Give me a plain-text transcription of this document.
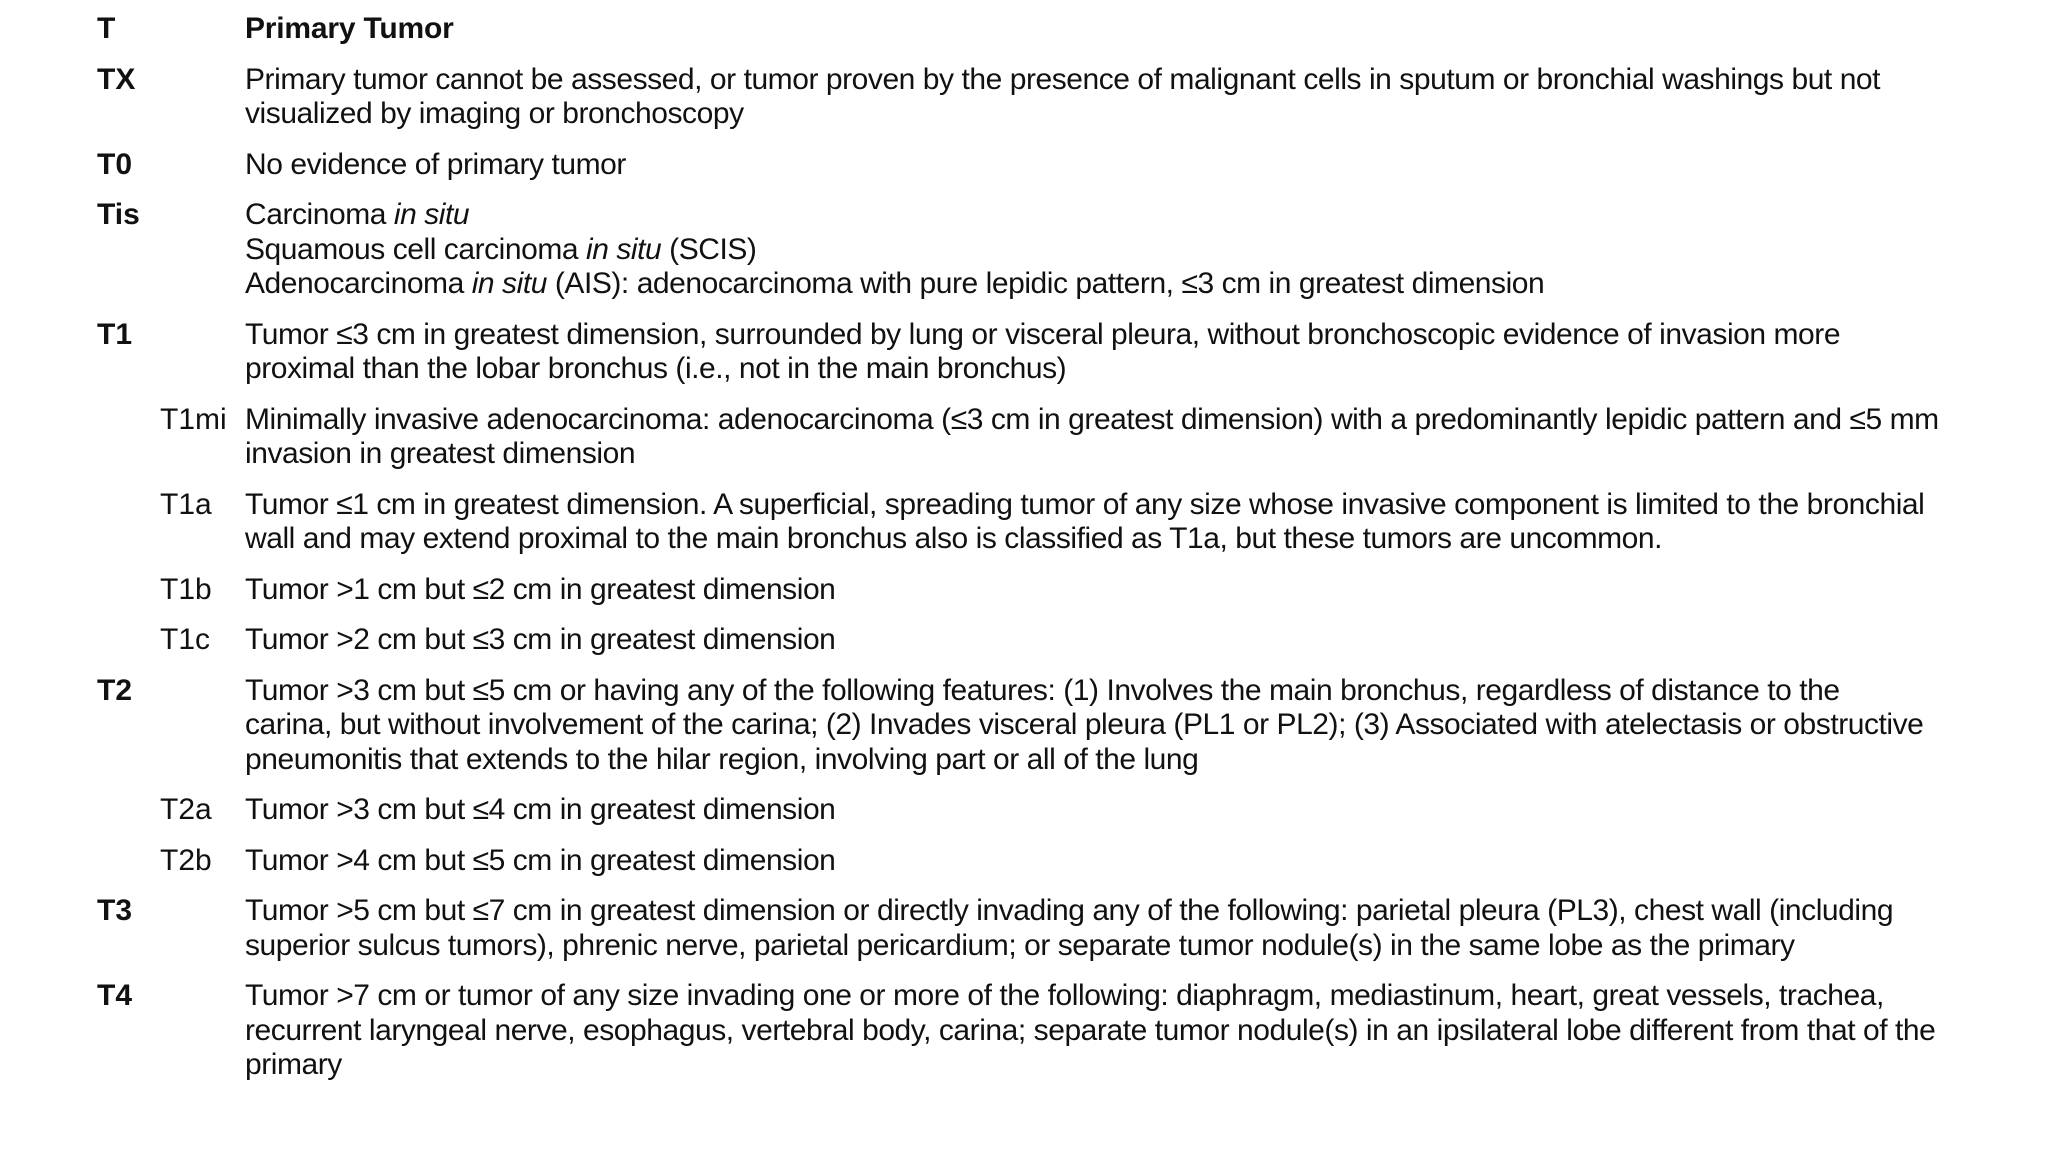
T	Primary Tumor
TX	Primary tumor cannot be assessed, or tumor proven by the presence of malignant cells in sputum or bronchial washings but not
visualized by imaging or bronchoscopy
T0	No evidence of primary tumor
Tis	Carcinoma in situ
Squamous cell carcinoma in situ (SCIS)
Adenocarcinoma in situ (AIS): adenocarcinoma with pure lepidic pattern, ≤3 cm in greatest dimension
T1	Tumor ≤3 cm in greatest dimension, surrounded by lung or visceral pleura, without bronchoscopic evidence of invasion more
proximal than the lobar bronchus (i.e., not in the main bronchus)
T1mi Minimally invasive adenocarcinoma: adenocarcinoma (≤3 cm in greatest dimension) with a predominantly lepidic pattern and ≤5 mm
invasion in greatest dimension
T1a	Tumor ≤1 cm in greatest dimension. A superficial, spreading tumor of any size whose invasive component is limited to the bronchial
wall and may extend proximal to the main bronchus also is classified as T1a, but these tumors are uncommon.
T1b	Tumor >1 cm but ≤2 cm in greatest dimension
T1c	Tumor >2 cm but ≤3 cm in greatest dimension
T2	Tumor >3 cm but ≤5 cm or having any of the following features: (1) Involves the main bronchus, regardless of distance to the
carina, but without involvement of the carina; (2) Invades visceral pleura (PL1 or PL2); (3) Associated with atelectasis or obstructive
pneumonitis that extends to the hilar region, involving part or all of the lung
T2a	Tumor >3 cm but ≤4 cm in greatest dimension
T2b	Tumor >4 cm but ≤5 cm in greatest dimension
T3	Tumor >5 cm but ≤7 cm in greatest dimension or directly invading any of the following: parietal pleura (PL3), chest wall (including
superior sulcus tumors), phrenic nerve, parietal pericardium; or separate tumor nodule(s) in the same lobe as the primary
T4	Tumor >7 cm or tumor of any size invading one or more of the following: diaphragm, mediastinum, heart, great vessels, trachea,
recurrent laryngeal nerve, esophagus, vertebral body, carina; separate tumor nodule(s) in an ipsilateral lobe different from that of the
primary
